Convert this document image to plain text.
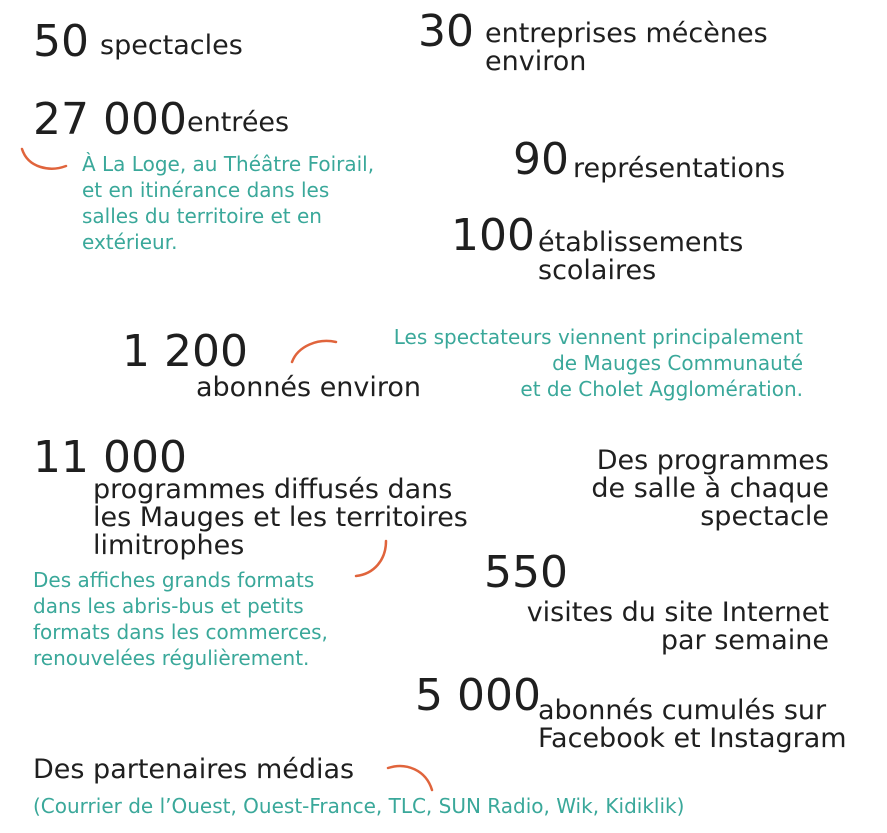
50 spectacles	30 entreprises mécènes
environ
27 000 entrées
À La Loge, au Théâtre Foirail,
et en itinérance dans les
salles du territoire et en
extérieur.
90 représentations
100 établissements
scolaires
1 200
abonnés environ
Les spectateurs viennent principalement
de Mauges Communauté
et de Cholet Agglomération.
11 000
programmes diffusés dans
les Mauges et les territoires
limitrophes
Des affiches grands formats
dans les abris-bus et petits
formats dans les commerces,
renouvelées régulièrement.
Des programmes
de salle à chaque
spectacle
550
visites du site Internet
par semaine
5 000
abonnés cumulés sur
Facebook et Instagram
Des partenaires médias
(Courrier de l’Ouest, Ouest-France, TLC, SUN Radio, Wik, Kidiklik)
